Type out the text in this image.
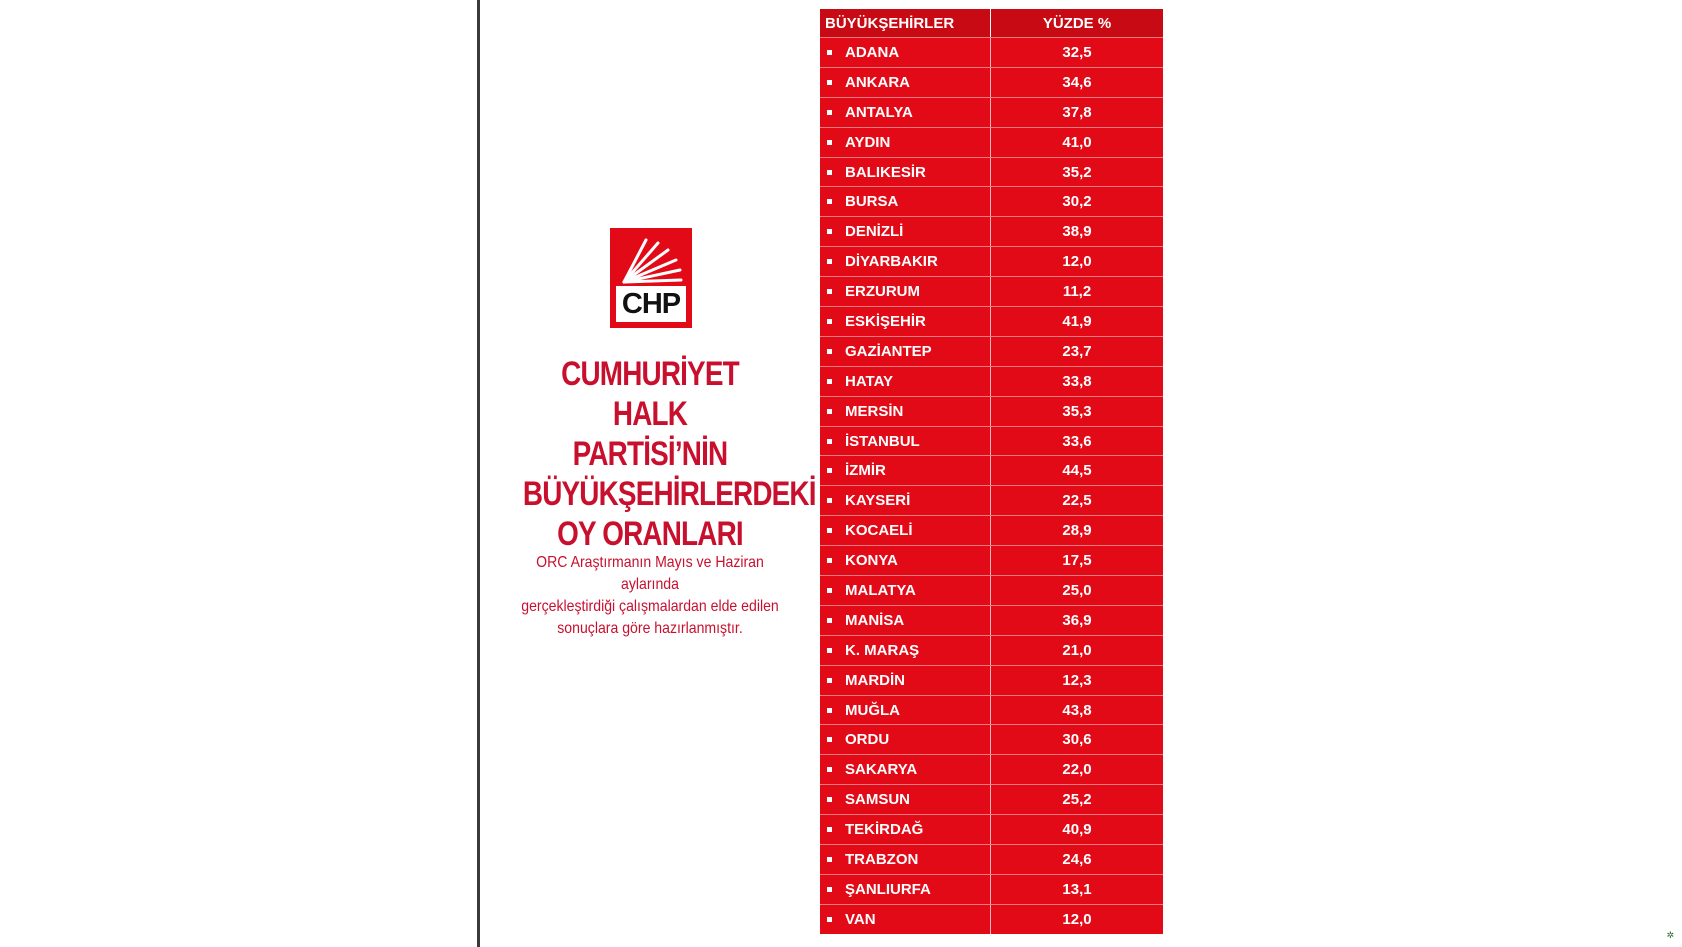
CHP
CUMHURİYET HALK
PARTİSİ’NİN
BÜYÜKŞEHİRLERDEKİ
OY ORANLARI
ORC Araştırmanın Mayıs ve Haziran aylarında
gerçekleştirdiği çalışmalardan elde edilen
sonuçlara göre hazırlanmıştır.
BÜYÜKŞEHİRLER	YÜZDE %
ADANA	32,5
ANKARA	34,6
ANTALYA	37,8
AYDIN	41,0
BALIKESİR	35,2
BURSA	30,2
DENİZLİ	38,9
DİYARBAKIR	12,0
ERZURUM	11,2
ESKİŞEHİR	41,9
GAZİANTEP	23,7
HATAY	33,8
MERSİN	35,3
İSTANBUL	33,6
İZMİR	44,5
KAYSERİ	22,5
KOCAELİ	28,9
KONYA	17,5
MALATYA	25,0
MANİSA	36,9
K. MARAŞ	21,0
MARDİN	12,3
MUĞLA	43,8
ORDU	30,6
SAKARYA	22,0
SAMSUN	25,2
TEKİRDAĞ	40,9
TRABZON	24,6
ŞANLIURFA	13,1
VAN	12,0
✲
